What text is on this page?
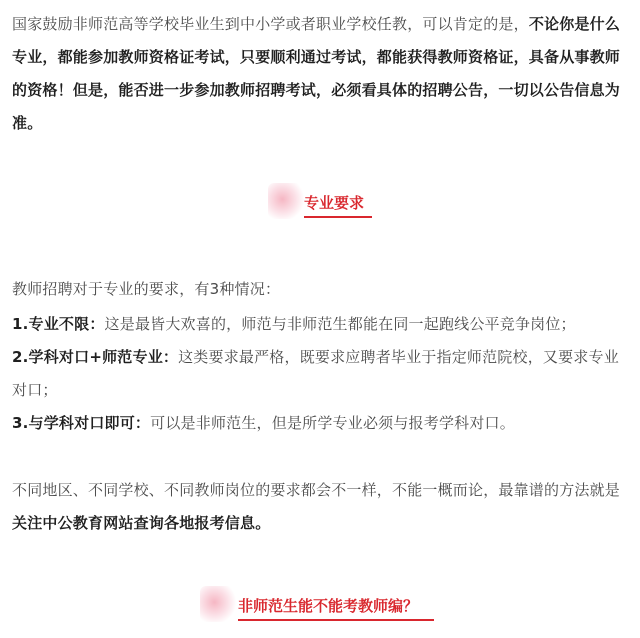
国家鼓励非师范高等学校毕业生到中小学或者职业学校任教，可以肯定的是，不论你是什么专业，都能参加教师资格证考试，只要顺利通过考试，都能获得教师资格证，具备从事教师的资格！但是，能否进一步参加教师招聘考试，必须看具体的招聘公告，一切以公告信息为准。

专业要求

教师招聘对于专业的要求，有3种情况：

1.专业不限：这是最皆大欢喜的，师范与非师范生都能在同一起跑线公平竞争岗位；

2.学科对口+师范专业：这类要求最严格，既要求应聘者毕业于指定师范院校，又要求专业对口；

3.与学科对口即可：可以是非师范生，但是所学专业必须与报考学科对口。

不同地区、不同学校、不同教师岗位的要求都会不一样，不能一概而论，最靠谱的方法就是关注中公教育网站查询各地报考信息。

非师范生能不能考教师编？
